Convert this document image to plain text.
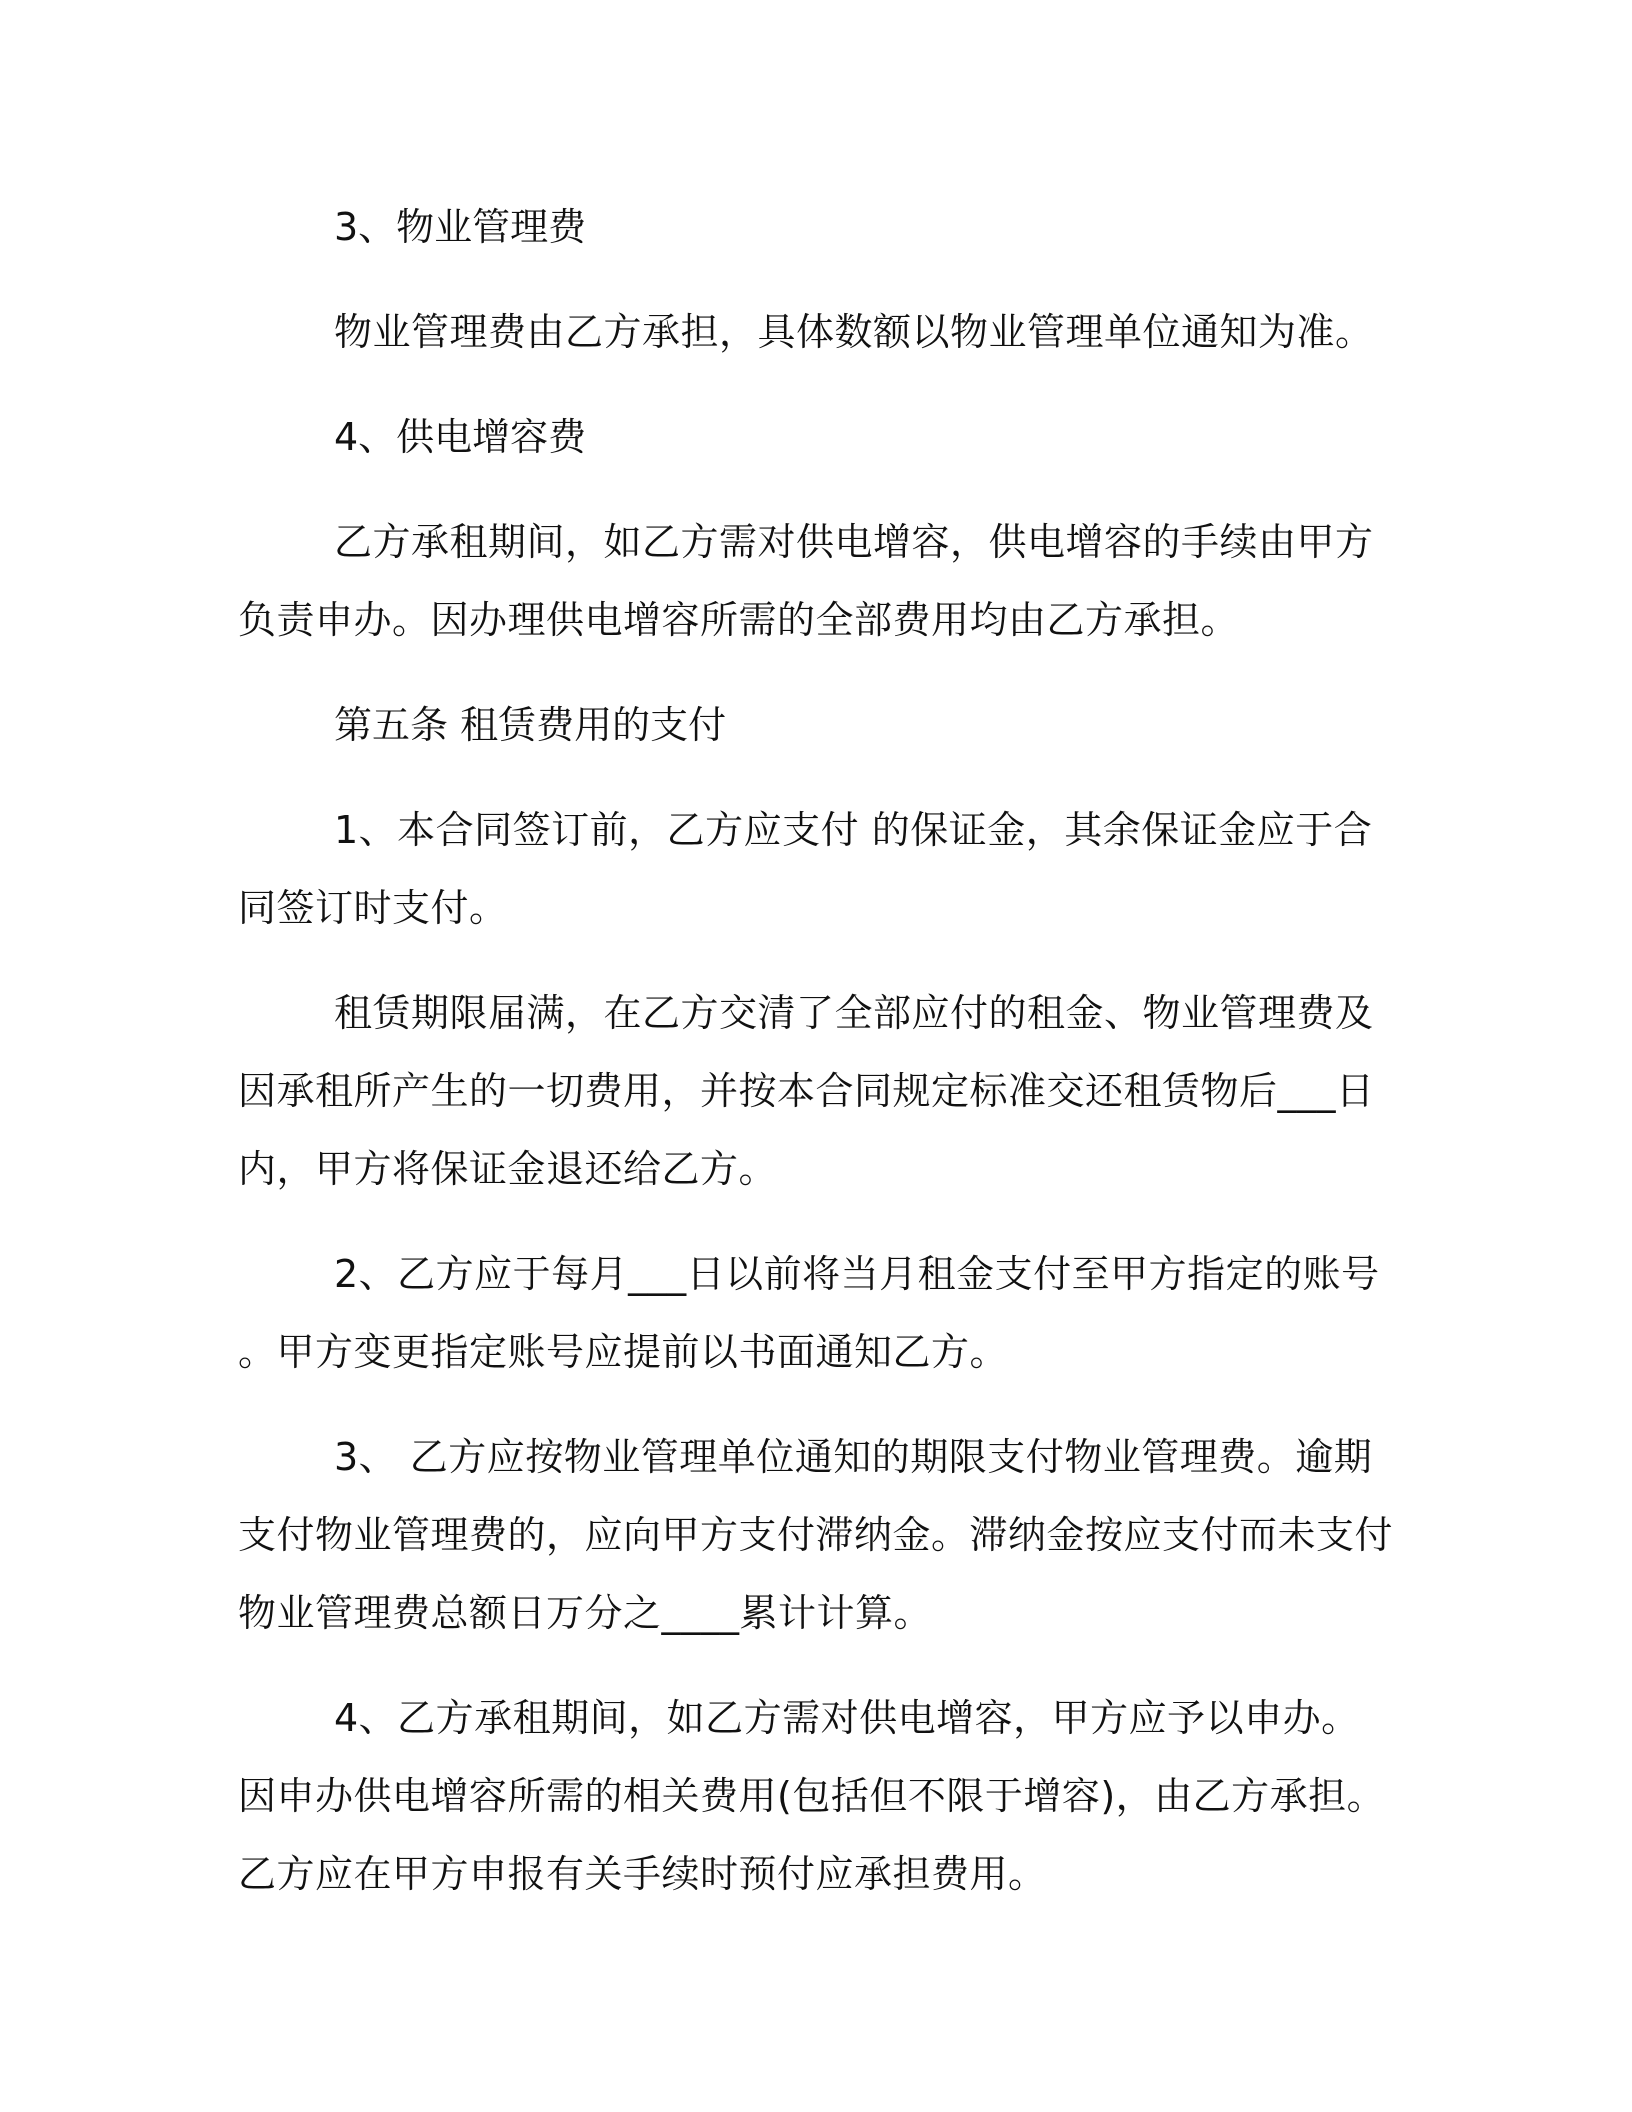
3、物业管理费

物业管理费由乙方承担，具体数额以物业管理单位通知为准。

4、供电增容费

乙方承租期间，如乙方需对供电增容，供电增容的手续由甲方负责申办。因办理供电增容所需的全部费用均由乙方承担。

第五条 租赁费用的支付

1、本合同签订前，乙方应支付 的保证金，其余保证金应于合同签订时支付。

租赁期限届满，在乙方交清了全部应付的租金、物业管理费及因承租所产生的一切费用，并按本合同规定标准交还租赁物后___日内，甲方将保证金退还给乙方。

2、乙方应于每月___日以前将当月租金支付至甲方指定的账号 。甲方变更指定账号应提前以书面通知乙方。

3、 乙方应按物业管理单位通知的期限支付物业管理费。逾期支付物业管理费的，应向甲方支付滞纳金。滞纳金按应支付而未支付物业管理费总额日万分之____累计计算。

4、乙方承租期间，如乙方需对供电增容，甲方应予以申办。因申办供电增容所需的相关费用(包括但不限于增容)，由乙方承担。乙方应在甲方申报有关手续时预付应承担费用。
